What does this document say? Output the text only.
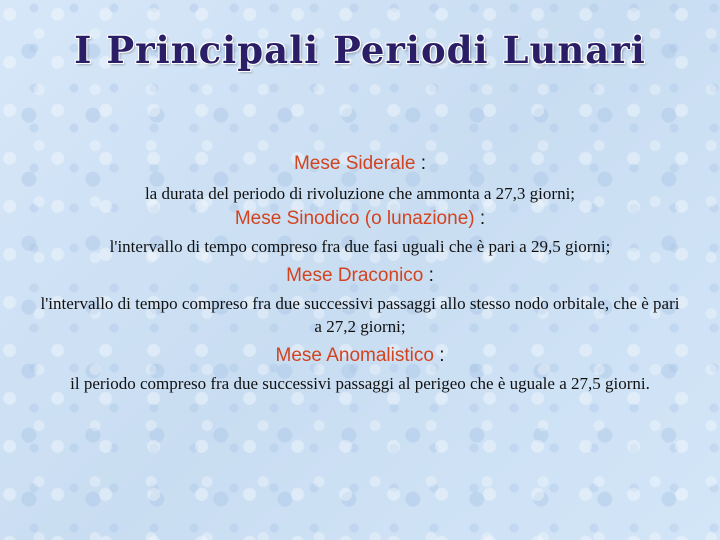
I Principali Periodi Lunari
Mese Siderale :
la durata del periodo di rivoluzione che ammonta a 27,3 giorni;
Mese Sinodico (o lunazione) :
l'intervallo di tempo compreso fra due fasi uguali che è pari a 29,5 giorni;
Mese Draconico :
l'intervallo di tempo compreso fra due successivi passaggi allo stesso nodo orbitale, che è pari a 27,2 giorni;
Mese Anomalistico :
il periodo compreso fra due successivi passaggi al perigeo che è uguale a 27,5 giorni.
